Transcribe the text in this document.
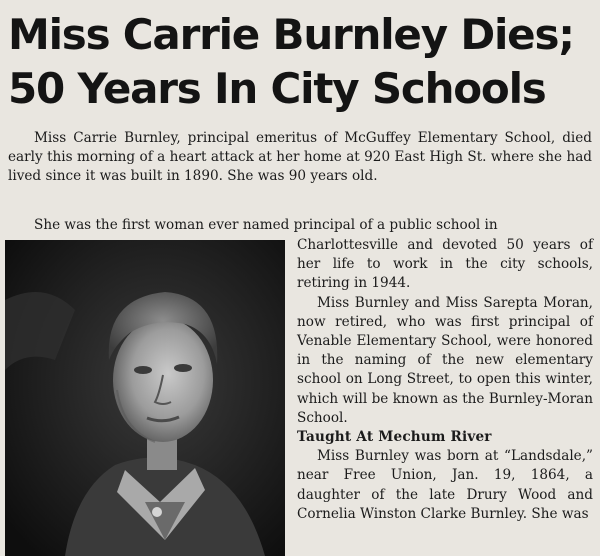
Miss Carrie Burnley Dies;
50 Years In City Schools

Miss Carrie Burnley, principal emeritus of McGuffey Elementary School, died early this morning of a heart attack at her home at 920 East High St. where she had lived since it was built in 1890. She was 90 years old.

She was the first woman ever named principal of a public school in

Charlottesville and devoted 50 years of her life to work in the city schools, retiring in 1944.

Miss Burnley and Miss Sarepta Moran, now retired, who was first principal of Venable Elementary School, were honored in the naming of the new elementary school on Long Street, to open this winter, which will be known as the Burnley-Moran School.

Taught At Mechum River

Miss Burnley was born at “Landsdale,” near Free Union, Jan. 19, 1864, a daughter of the late Drury Wood and Cornelia Winston Clarke Burnley. She was
